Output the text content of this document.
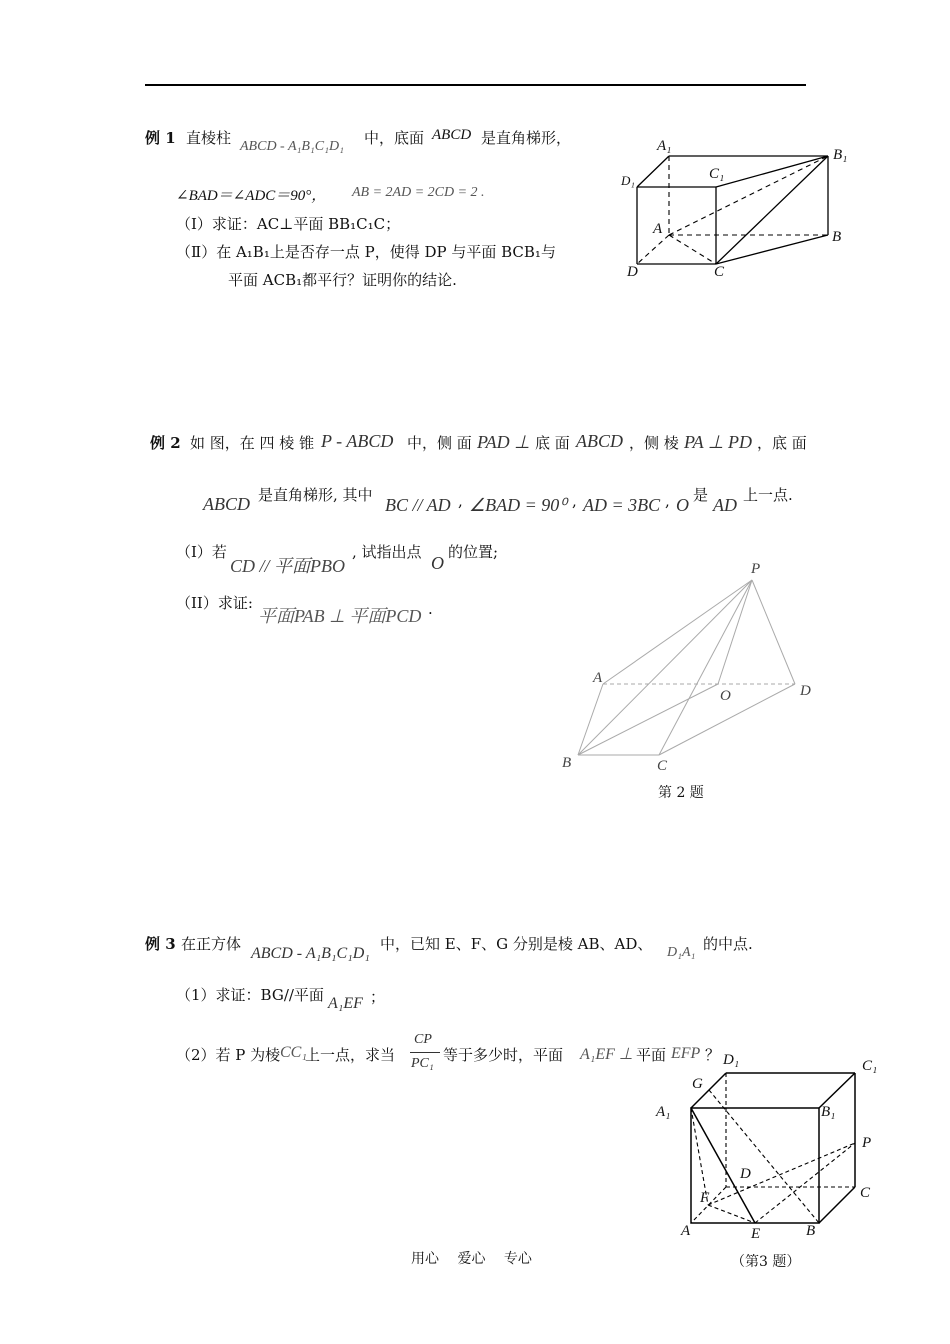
例 1 直棱柱 ABCD - A₁B₁C₁D₁ 中，底面 ABCD 是直角梯形，
∠BAD＝∠ADC＝90°， AB = 2AD = 2CD = 2 .
（Ⅰ）求证：AC⊥平面 BB₁C₁C；
（Ⅱ）在 A₁B₁上是否存一点 P，使得 DP 与平面 BCB₁与
平面 ACB₁都平行？证明你的结论.
A₁
B₁
C₁
D₁
A	B
C
D
例 2 如 图，在 四 棱 锥 P - ABCD 中，侧 面 PAD ⊥ 底 面 ABCD ，侧 棱 PA ⊥ PD ，底 面
ABCD 是直角梯形, 其中 BC // AD , ∠BAD = 90⁰ , AD = 3BC , O 是 AD 上一点.
（I）若
CD // 平面PBO
, 试指出点
O
的位置;
（II）求证:
平面PAB ⊥ 平面PCD .
P
A
O	D
B	C
第 2 题
例 3 在正方体
ABCD - A₁B₁C₁D₁
中，已知 E、F、G 分别是棱 AB、AD、 D₁A₁ 的中点.
（1）求证：BG//平面 A₁EF ；
（2）若 P 为棱 CC₁
上一点，求当
CP
PC₁ 等于多少时，平面 A₁EF ⊥ 平面 EFP ？ D₁	C₁
G
A₁	B₁
P
D
C
F
A	E	B
（第3 题）
用心　 爱心　 专心
